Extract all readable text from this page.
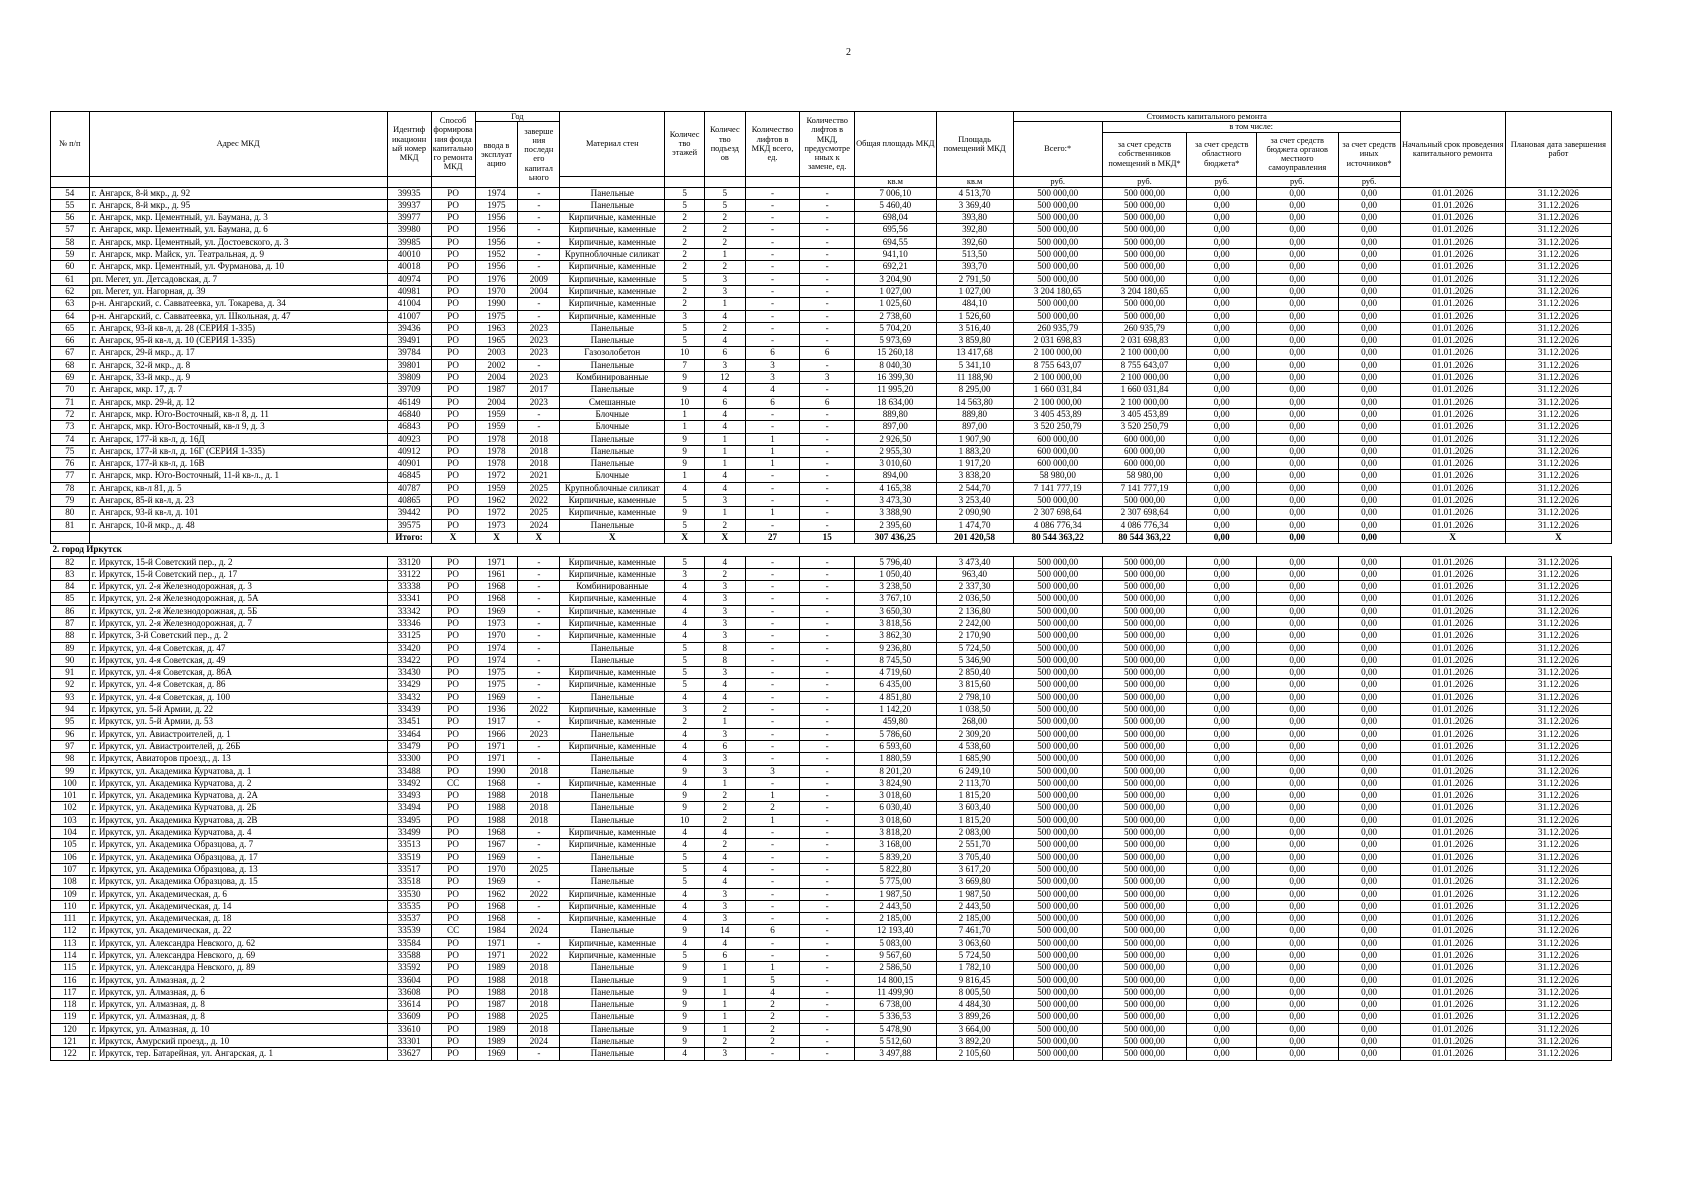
2
№ п/п	Адрес МКД	Идентиф икационн ый номер МКД	Способ формирова ния фонда капитально го ремонта МКД	Год		Материал стен	Количес тво этажей	Количес тво подъезд ов	Количество лифтов в МКД всего, ед.	Количество лифтов в МКД, предусмотре нных к замене, ед.	Общая площадь МКД	Площадь помещений МКД	Стоимость капитального ремонта					Начальный срок проведения капитального ремонта	Плановая дата завершения работ
				ввода в эксплуат ацию	заверше ния последн его капитал ьного								Всего:*	в том числе:					
														за счет средств собственников помещений в МКД*	за счет средств областного бюджета*	за счет средств бюджета органов местного самоуправления	за счет средств иных источников*		
											кв.м	кв.м	руб.	руб.	руб.	руб.	руб.		
54	г. Ангарск, 8-й мкр., д. 92	39935	РО	1974	-	Панельные	5	5	-	-	7 006,10	4 513,70	500 000,00	500 000,00	0,00	0,00	0,00	01.01.2026	31.12.2026
55	г. Ангарск, 8-й мкр., д. 95	39937	РО	1975	-	Панельные	5	5	-	-	5 460,40	3 369,40	500 000,00	500 000,00	0,00	0,00	0,00	01.01.2026	31.12.2026
56	г. Ангарск, мкр. Цементный, ул. Баумана, д. 3	39977	РО	1956	-	Кирпичные, каменные	2	2	-	-	698,04	393,80	500 000,00	500 000,00	0,00	0,00	0,00	01.01.2026	31.12.2026
57	г. Ангарск, мкр. Цементный, ул. Баумана, д. 6	39980	РО	1956	-	Кирпичные, каменные	2	2	-	-	695,56	392,80	500 000,00	500 000,00	0,00	0,00	0,00	01.01.2026	31.12.2026
58	г. Ангарск, мкр. Цементный, ул. Достоевского, д. 3	39985	РО	1956	-	Кирпичные, каменные	2	2	-	-	694,55	392,60	500 000,00	500 000,00	0,00	0,00	0,00	01.01.2026	31.12.2026
59	г. Ангарск, мкр. Майск, ул. Театральная, д. 9	40010	РО	1952	-	Крупноблочные силикат	2	1	-	-	941,10	513,50	500 000,00	500 000,00	0,00	0,00	0,00	01.01.2026	31.12.2026
60	г. Ангарск, мкр. Цементный, ул. Фурманова, д. 10	40018	РО	1956	-	Кирпичные, каменные	2	2	-	-	692,21	393,70	500 000,00	500 000,00	0,00	0,00	0,00	01.01.2026	31.12.2026
61	рп. Мегет, ул. Детсадовская, д. 7	40974	РО	1976	2009	Кирпичные, каменные	5	3	-	-	3 204,90	2 791,50	500 000,00	500 000,00	0,00	0,00	0,00	01.01.2026	31.12.2026
62	рп. Мегет, ул. Нагорная, д. 39	40981	РО	1970	2004	Кирпичные, каменные	2	3	-	-	1 027,00	1 027,00	3 204 180,65	3 204 180,65	0,00	0,00	0,00	01.01.2026	31.12.2026
63	р-н. Ангарский, с. Савватеевка, ул. Токарева, д. 34	41004	РО	1990	-	Кирпичные, каменные	2	1	-	-	1 025,60	484,10	500 000,00	500 000,00	0,00	0,00	0,00	01.01.2026	31.12.2026
64	р-н. Ангарский, с. Савватеевка, ул. Школьная, д. 47	41007	РО	1975	-	Кирпичные, каменные	3	4	-	-	2 738,60	1 526,60	500 000,00	500 000,00	0,00	0,00	0,00	01.01.2026	31.12.2026
65	г. Ангарск, 93-й кв-л, д. 28 (СЕРИЯ 1-335)	39436	РО	1963	2023	Панельные	5	2	-	-	5 704,20	3 516,40	260 935,79	260 935,79	0,00	0,00	0,00	01.01.2026	31.12.2026
66	г. Ангарск, 95-й кв-л, д. 10 (СЕРИЯ 1-335)	39491	РО	1965	2023	Панельные	5	4	-	-	5 973,69	3 859,80	2 031 698,83	2 031 698,83	0,00	0,00	0,00	01.01.2026	31.12.2026
67	г. Ангарск, 29-й мкр., д. 17	39784	РО	2003	2023	Газозолобетон	10	6	6	6	15 260,18	13 417,68	2 100 000,00	2 100 000,00	0,00	0,00	0,00	01.01.2026	31.12.2026
68	г. Ангарск, 32-й мкр., д. 8	39801	РО	2002	-	Панельные	7	3	3	-	8 040,30	5 341,10	8 755 643,07	8 755 643,07	0,00	0,00	0,00	01.01.2026	31.12.2026
69	г. Ангарск, 33-й мкр., д. 9	39809	РО	2004	2023	Комбинированные	9	12	3	3	16 399,30	11 188,90	2 100 000,00	2 100 000,00	0,00	0,00	0,00	01.01.2026	31.12.2026
70	г. Ангарск, мкр. 17, д. 7	39709	РО	1987	2017	Панельные	9	4	4	-	11 995,20	8 295,00	1 660 031,84	1 660 031,84	0,00	0,00	0,00	01.01.2026	31.12.2026
71	г. Ангарск, мкр. 29-й, д. 12	46149	РО	2004	2023	Смешанные	10	6	6	6	18 634,00	14 563,80	2 100 000,00	2 100 000,00	0,00	0,00	0,00	01.01.2026	31.12.2026
72	г. Ангарск, мкр. Юго-Восточный, кв-л 8, д. 11	46840	РО	1959	-	Блочные	1	4	-	-	889,80	889,80	3 405 453,89	3 405 453,89	0,00	0,00	0,00	01.01.2026	31.12.2026
73	г. Ангарск, мкр. Юго-Восточный, кв-л 9, д. 3	46843	РО	1959	-	Блочные	1	4	-	-	897,00	897,00	3 520 250,79	3 520 250,79	0,00	0,00	0,00	01.01.2026	31.12.2026
74	г. Ангарск, 177-й кв-л, д. 16Д	40923	РО	1978	2018	Панельные	9	1	1	-	2 926,50	1 907,90	600 000,00	600 000,00	0,00	0,00	0,00	01.01.2026	31.12.2026
75	г. Ангарск, 177-й кв-л, д. 16Г (СЕРИЯ 1-335)	40912	РО	1978	2018	Панельные	9	1	1	-	2 955,30	1 883,20	600 000,00	600 000,00	0,00	0,00	0,00	01.01.2026	31.12.2026
76	г. Ангарск, 177-й кв-л, д. 16В	40901	РО	1978	2018	Панельные	9	1	1	-	3 010,60	1 917,20	600 000,00	600 000,00	0,00	0,00	0,00	01.01.2026	31.12.2026
77	г. Ангарск, мкр. Юго-Восточный, 11-й кв-л., д. 1	46845	РО	1972	2021	Блочные	1	4	-	-	894,00	3 838,20	58 980,00	58 980,00	0,00	0,00	0,00	01.01.2026	31.12.2026
78	г. Ангарск, кв-л 81, д. 5	40787	РО	1959	2025	Крупноблочные силикат	4	4	-	-	4 165,38	2 544,70	7 141 777,19	7 141 777,19	0,00	0,00	0,00	01.01.2026	31.12.2026
79	г. Ангарск, 85-й кв-л, д. 23	40865	РО	1962	2022	Кирпичные, каменные	5	3	-	-	3 473,30	3 253,40	500 000,00	500 000,00	0,00	0,00	0,00	01.01.2026	31.12.2026
80	г. Ангарск, 93-й кв-л, д. 101	39442	РО	1972	2025	Кирпичные, каменные	9	1	1	-	3 388,90	2 090,90	2 307 698,64	2 307 698,64	0,00	0,00	0,00	01.01.2026	31.12.2026
81	г. Ангарск, 10-й мкр., д. 48	39575	РО	1973	2024	Панельные	5	2	-	-	2 395,60	1 474,70	4 086 776,34	4 086 776,34	0,00	0,00	0,00	01.01.2026	31.12.2026
		Итого:	X	X	X	X	X	X	27	15	307 436,25	201 420,58	80 544 363,22	80 544 363,22	0,00	0,00	0,00	X	X
2. город Иркутск																			
82	г. Иркутск, 15-й Советский пер., д. 2	33120	РО	1971	-	Кирпичные, каменные	5	4	-	-	5 796,40	3 473,40	500 000,00	500 000,00	0,00	0,00	0,00	01.01.2026	31.12.2026
83	г. Иркутск, 15-й Советский пер., д. 17	33122	РО	1961	-	Кирпичные, каменные	3	2	-	-	1 050,40	963,40	500 000,00	500 000,00	0,00	0,00	0,00	01.01.2026	31.12.2026
84	г. Иркутск, ул. 2-я Железнодорожная, д. 3	33338	РО	1968	-	Комбинированные	4	3	-	-	3 238,50	2 337,30	500 000,00	500 000,00	0,00	0,00	0,00	01.01.2026	31.12.2026
85	г. Иркутск, ул. 2-я Железнодорожная, д. 5А	33341	РО	1968	-	Кирпичные, каменные	4	3	-	-	3 767,10	2 036,50	500 000,00	500 000,00	0,00	0,00	0,00	01.01.2026	31.12.2026
86	г. Иркутск, ул. 2-я Железнодорожная, д. 5Б	33342	РО	1969	-	Кирпичные, каменные	4	3	-	-	3 650,30	2 136,80	500 000,00	500 000,00	0,00	0,00	0,00	01.01.2026	31.12.2026
87	г. Иркутск, ул. 2-я Железнодорожная, д. 7	33346	РО	1973	-	Кирпичные, каменные	4	3	-	-	3 818,56	2 242,00	500 000,00	500 000,00	0,00	0,00	0,00	01.01.2026	31.12.2026
88	г. Иркутск, 3-й Советский пер., д. 2	33125	РО	1970	-	Кирпичные, каменные	4	3	-	-	3 862,30	2 170,90	500 000,00	500 000,00	0,00	0,00	0,00	01.01.2026	31.12.2026
89	г. Иркутск, ул. 4-я Советская, д. 47	33420	РО	1974	-	Панельные	5	8	-	-	9 236,80	5 724,50	500 000,00	500 000,00	0,00	0,00	0,00	01.01.2026	31.12.2026
90	г. Иркутск, ул. 4-я Советская, д. 49	33422	РО	1974	-	Панельные	5	8	-	-	8 745,50	5 346,90	500 000,00	500 000,00	0,00	0,00	0,00	01.01.2026	31.12.2026
91	г. Иркутск, ул. 4-я Советская, д. 86А	33430	РО	1975	-	Кирпичные, каменные	5	3	-	-	4 719,60	2 850,40	500 000,00	500 000,00	0,00	0,00	0,00	01.01.2026	31.12.2026
92	г. Иркутск, ул. 4-я Советская, д. 86	33429	РО	1975	-	Кирпичные, каменные	5	4	-	-	6 435,00	3 815,60	500 000,00	500 000,00	0,00	0,00	0,00	01.01.2026	31.12.2026
93	г. Иркутск, ул. 4-я Советская, д. 100	33432	РО	1969	-	Панельные	4	4	-	-	4 851,80	2 798,10	500 000,00	500 000,00	0,00	0,00	0,00	01.01.2026	31.12.2026
94	г. Иркутск, ул. 5-й Армии, д. 22	33439	РО	1936	2022	Кирпичные, каменные	3	2	-	-	1 142,20	1 038,50	500 000,00	500 000,00	0,00	0,00	0,00	01.01.2026	31.12.2026
95	г. Иркутск, ул. 5-й Армии, д. 53	33451	РО	1917	-	Кирпичные, каменные	2	1	-	-	459,80	268,00	500 000,00	500 000,00	0,00	0,00	0,00	01.01.2026	31.12.2026
96	г. Иркутск, ул. Авиастроителей, д. 1	33464	РО	1966	2023	Панельные	4	3	-	-	5 786,60	2 309,20	500 000,00	500 000,00	0,00	0,00	0,00	01.01.2026	31.12.2026
97	г. Иркутск, ул. Авиастроителей, д. 26Б	33479	РО	1971	-	Кирпичные, каменные	4	6	-	-	6 593,60	4 538,60	500 000,00	500 000,00	0,00	0,00	0,00	01.01.2026	31.12.2026
98	г. Иркутск, Авиаторов проезд., д. 13	33300	РО	1971	-	Панельные	4	3	-	-	1 880,59	1 685,90	500 000,00	500 000,00	0,00	0,00	0,00	01.01.2026	31.12.2026
99	г. Иркутск, ул. Академика Курчатова, д. 1	33488	РО	1990	2018	Панельные	9	3	3	-	8 201,20	6 249,10	500 000,00	500 000,00	0,00	0,00	0,00	01.01.2026	31.12.2026
100	г. Иркутск, ул. Академика Курчатова, д. 2	33492	СС	1968	-	Кирпичные, каменные	4	1	-	-	3 824,90	2 113,70	500 000,00	500 000,00	0,00	0,00	0,00	01.01.2026	31.12.2026
101	г. Иркутск, ул. Академика Курчатова, д. 2А	33493	РО	1988	2018	Панельные	9	2	1	-	3 018,60	1 815,20	500 000,00	500 000,00	0,00	0,00	0,00	01.01.2026	31.12.2026
102	г. Иркутск, ул. Академика Курчатова, д. 2Б	33494	РО	1988	2018	Панельные	9	2	2	-	6 030,40	3 603,40	500 000,00	500 000,00	0,00	0,00	0,00	01.01.2026	31.12.2026
103	г. Иркутск, ул. Академика Курчатова, д. 2В	33495	РО	1988	2018	Панельные	10	2	1	-	3 018,60	1 815,20	500 000,00	500 000,00	0,00	0,00	0,00	01.01.2026	31.12.2026
104	г. Иркутск, ул. Академика Курчатова, д. 4	33499	РО	1968	-	Кирпичные, каменные	4	4	-	-	3 818,20	2 083,00	500 000,00	500 000,00	0,00	0,00	0,00	01.01.2026	31.12.2026
105	г. Иркутск, ул. Академика Образцова, д. 7	33513	РО	1967	-	Кирпичные, каменные	4	2	-	-	3 168,00	2 551,70	500 000,00	500 000,00	0,00	0,00	0,00	01.01.2026	31.12.2026
106	г. Иркутск, ул. Академика Образцова, д. 17	33519	РО	1969	-	Панельные	5	4	-	-	5 839,20	3 705,40	500 000,00	500 000,00	0,00	0,00	0,00	01.01.2026	31.12.2026
107	г. Иркутск, ул. Академика Образцова, д. 13	33517	РО	1970	2025	Панельные	5	4	-	-	5 822,80	3 617,20	500 000,00	500 000,00	0,00	0,00	0,00	01.01.2026	31.12.2026
108	г. Иркутск, ул. Академика Образцова, д. 15	33518	РО	1969	-	Панельные	5	4	-	-	5 775,00	3 669,80	500 000,00	500 000,00	0,00	0,00	0,00	01.01.2026	31.12.2026
109	г. Иркутск, ул. Академическая, д. 6	33530	РО	1962	2022	Кирпичные, каменные	4	3	-	-	1 987,50	1 987,50	500 000,00	500 000,00	0,00	0,00	0,00	01.01.2026	31.12.2026
110	г. Иркутск, ул. Академическая, д. 14	33535	РО	1968	-	Кирпичные, каменные	4	3	-	-	2 443,50	2 443,50	500 000,00	500 000,00	0,00	0,00	0,00	01.01.2026	31.12.2026
111	г. Иркутск, ул. Академическая, д. 18	33537	РО	1968	-	Кирпичные, каменные	4	3	-	-	2 185,00	2 185,00	500 000,00	500 000,00	0,00	0,00	0,00	01.01.2026	31.12.2026
112	г. Иркутск, ул. Академическая, д. 22	33539	СС	1984	2024	Панельные	9	14	6	-	12 193,40	7 461,70	500 000,00	500 000,00	0,00	0,00	0,00	01.01.2026	31.12.2026
113	г. Иркутск, ул. Александра Невского, д. 62	33584	РО	1971	-	Кирпичные, каменные	4	4	-	-	5 083,00	3 063,60	500 000,00	500 000,00	0,00	0,00	0,00	01.01.2026	31.12.2026
114	г. Иркутск, ул. Александра Невского, д. 69	33588	РО	1971	2022	Кирпичные, каменные	5	6	-	-	9 567,60	5 724,50	500 000,00	500 000,00	0,00	0,00	0,00	01.01.2026	31.12.2026
115	г. Иркутск, ул. Александра Невского, д. 89	33592	РО	1989	2018	Панельные	9	1	1	-	2 586,50	1 782,10	500 000,00	500 000,00	0,00	0,00	0,00	01.01.2026	31.12.2026
116	г. Иркутск, ул. Алмазная, д. 2	33604	РО	1988	2018	Панельные	9	1	5	-	14 800,15	9 816,45	500 000,00	500 000,00	0,00	0,00	0,00	01.01.2026	31.12.2026
117	г. Иркутск, ул. Алмазная, д. 6	33608	РО	1988	2018	Панельные	9	1	4	-	11 499,90	8 005,50	500 000,00	500 000,00	0,00	0,00	0,00	01.01.2026	31.12.2026
118	г. Иркутск, ул. Алмазная, д. 8	33614	РО	1987	2018	Панельные	9	1	2	-	6 738,00	4 484,30	500 000,00	500 000,00	0,00	0,00	0,00	01.01.2026	31.12.2026
119	г. Иркутск, ул. Алмазная, д. 8	33609	РО	1988	2025	Панельные	9	1	2	-	5 336,53	3 899,26	500 000,00	500 000,00	0,00	0,00	0,00	01.01.2026	31.12.2026
120	г. Иркутск, ул. Алмазная, д. 10	33610	РО	1989	2018	Панельные	9	1	2	-	5 478,90	3 664,00	500 000,00	500 000,00	0,00	0,00	0,00	01.01.2026	31.12.2026
121	г. Иркутск, Амурский проезд., д. 10	33301	РО	1989	2024	Панельные	9	2	2	-	5 512,60	3 892,20	500 000,00	500 000,00	0,00	0,00	0,00	01.01.2026	31.12.2026
122	г. Иркутск, тер. Батарейная, ул. Ангарская, д. 1	33627	РО	1969	-	Панельные	4	3	-	-	3 497,88	2 105,60	500 000,00	500 000,00	0,00	0,00	0,00	01.01.2026	31.12.2026
